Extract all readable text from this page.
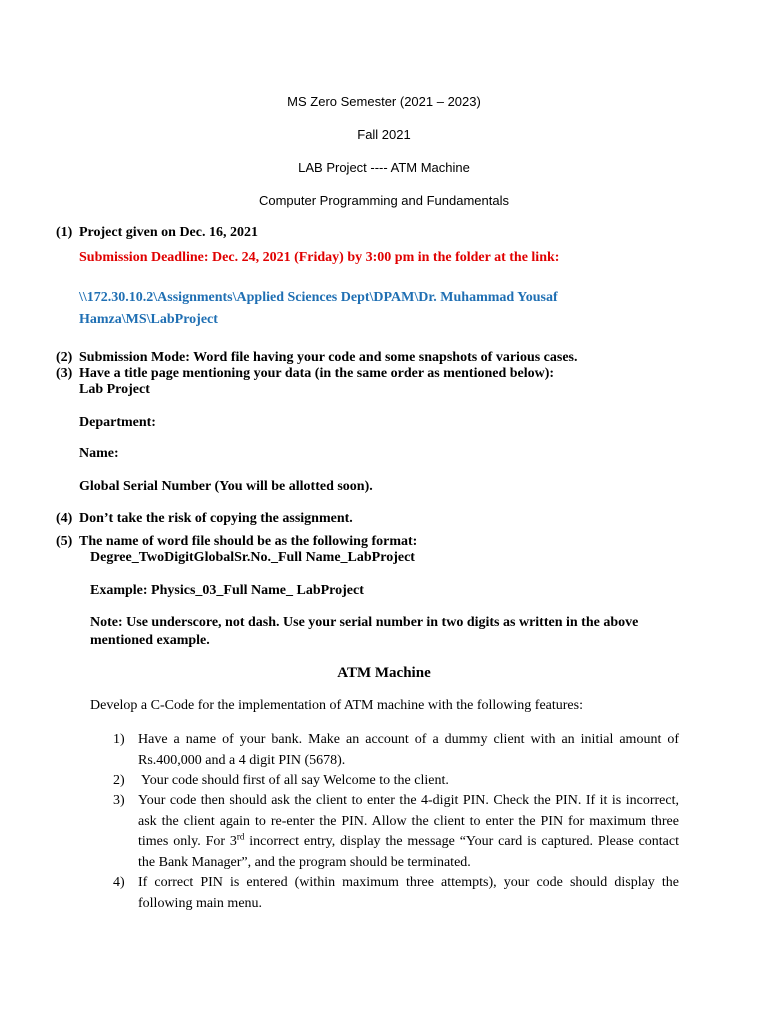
MS Zero Semester (2021 – 2023)
Fall 2021
LAB Project ---- ATM Machine
Computer Programming and Fundamentals
(1) Project given on Dec. 16, 2021
Submission Deadline: Dec. 24, 2021 (Friday) by 3:00 pm in the folder at the link:
\\172.30.10.2\Assignments\Applied Sciences Dept\DPAM\Dr. Muhammad Yousaf
Hamza\MS\LabProject
(2) Submission Mode: Word file having your code and some snapshots of various cases.
(3) Have a title page mentioning your data (in the same order as mentioned below):
Lab Project
Department:
Name:
Global Serial Number (You will be allotted soon).
(4) Don’t take the risk of copying the assignment.
(5) The name of word file should be as the following format:
Degree_TwoDigitGlobalSr.No._Full Name_LabProject
Example: Physics_03_Full Name_ LabProject
Note: Use underscore, not dash. Use your serial number in two digits as written in the above
mentioned example.
ATM Machine
Develop a C-Code for the implementation of ATM machine with the following features:
1) Have a name of your bank. Make an account of a dummy client with an initial amount of Rs.400,000 and a 4 digit PIN (5678).
2) Your code should first of all say Welcome to the client.
3) Your code then should ask the client to enter the 4-digit PIN. Check the PIN. If it is incorrect, ask the client again to re-enter the PIN. Allow the client to enter the PIN for maximum three times only. For 3rd incorrect entry, display the message “Your card is captured. Please contact the Bank Manager”, and the program should be terminated.
4) If correct PIN is entered (within maximum three attempts), your code should display the following main menu.
